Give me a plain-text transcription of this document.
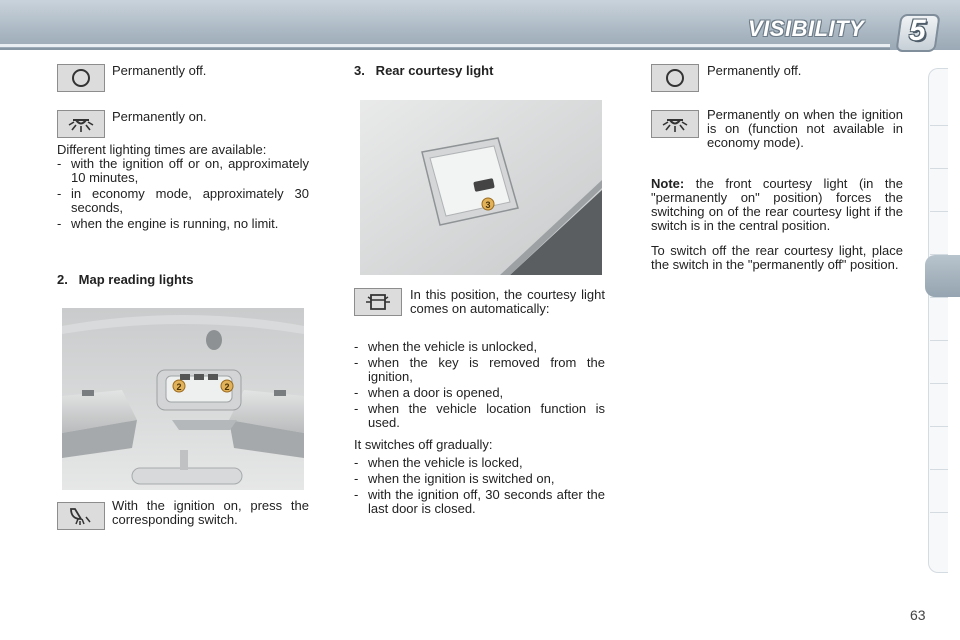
VISIBILITY 5
Permanently off.
Permanently on.
Different lighting times are available:
- with the ignition off or on, approximately 10 minutes,
- in economy mode, approximately 30 seconds,
- when the engine is running, no limit.
2.   Map reading lights
2	2
With the ignition on, press the corresponding switch.
3.   Rear courtesy light
3
In this position, the courtesy light comes on automatically:
- when the vehicle is unlocked,
- when the key is removed from the ignition,
- when a door is opened,
- when the vehicle location function is used.
It switches off gradually:
- when the vehicle is locked,
- when the ignition is switched on,
- with the ignition off, 30 seconds after the last door is closed.
Permanently off.
Permanently on when the ignition is on (function not available in economy mode).
Note: the front courtesy light (in the "permanently on" position) forces the switching on of the rear courtesy light if the switch is in the central position.
To switch off the rear courtesy light, place the switch in the "permanently off" position.
63
